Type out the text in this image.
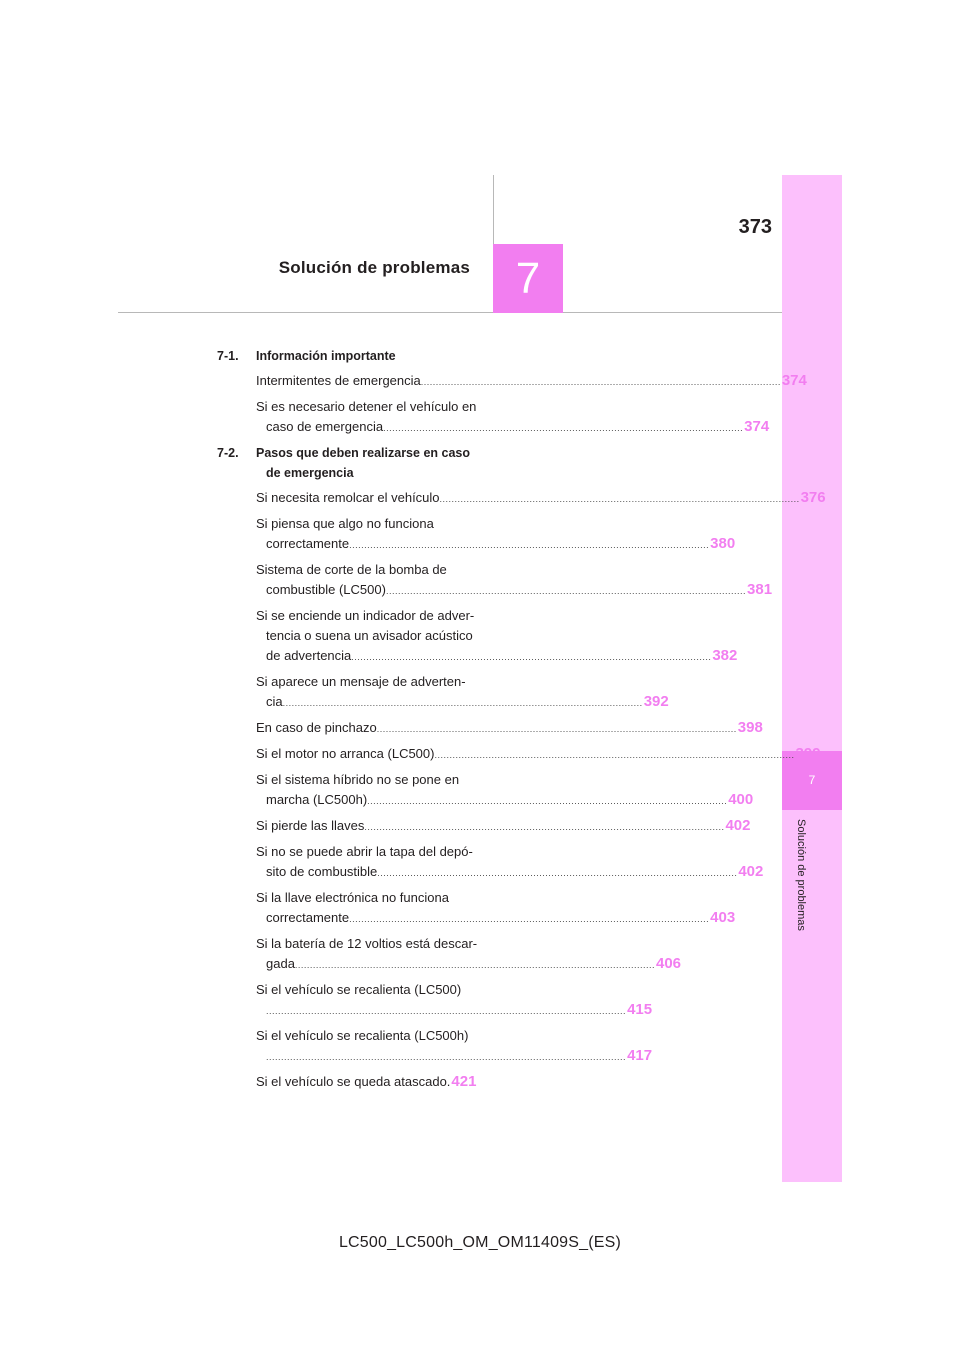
373
Solución de problemas	7
7
Solución de problemas
7-1.	Información importante
Intermitentes de emergencia ........................................................................................................................ 374
Si es necesario detener el vehículo en
caso de emergencia ........................................................................................................................ 374
7-2.	Pasos que deben realizarse en caso de emergencia
Si necesita remolcar el vehículo ........................................................................................................................ 376
Si piensa que algo no funciona
correctamente ........................................................................................................................ 380
Sistema de corte de la bomba de
combustible (LC500) ........................................................................................................................ 381
Si se enciende un indicador de adver-
tencia o suena un avisador acústico
de advertencia ........................................................................................................................ 382
Si aparece un mensaje de adverten-
cia ........................................................................................................................ 392
En caso de pinchazo ........................................................................................................................ 398
Si el motor no arranca (LC500) ........................................................................................................................ 399
Si el sistema híbrido no se pone en
marcha (LC500h) ........................................................................................................................ 400
Si pierde las llaves ........................................................................................................................ 402
Si no se puede abrir la tapa del depó-
sito de combustible ........................................................................................................................ 402
Si la llave electrónica no funciona
correctamente ........................................................................................................................ 403
Si la batería de 12 voltios está descar-
gada ........................................................................................................................ 406
Si el vehículo se recalienta (LC500)
........................................................................................................................ 415
Si el vehículo se recalienta (LC500h)
........................................................................................................................ 417
Si el vehículo se queda atascado. 421
LC500_LC500h_OM_OM11409S_(ES)
